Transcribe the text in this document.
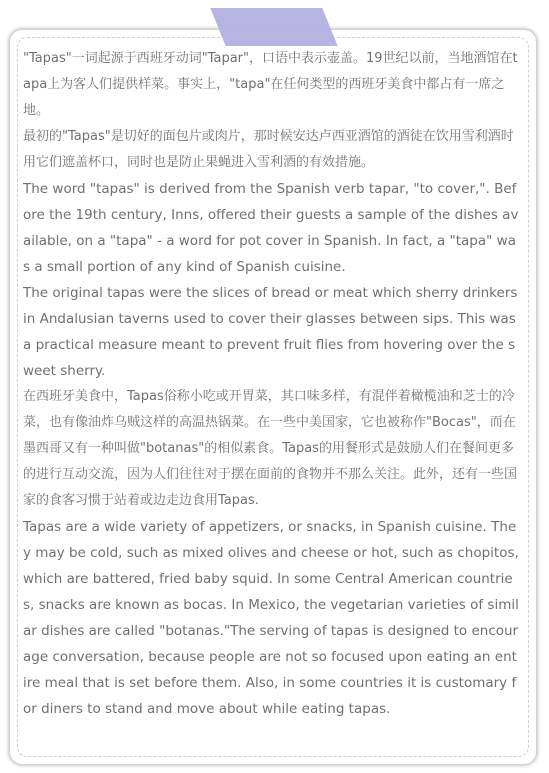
"Tapas"一词起源于西班牙动词"Tapar"，口语中表示壶盖。19世纪以前，当地酒馆在tapa上为客人们提供样菜。事实上，"tapa"在任何类型的西班牙美食中都占有一席之地。

最初的"Tapas"是切好的面包片或肉片，那时候安达卢西亚酒馆的酒徒在饮用雪利酒时用它们遮盖杯口，同时也是防止果蝇进入雪利酒的有效措施。

The word "tapas" is derived from the Spanish verb tapar, "to cover,". Before the 19th century, Inns, offered their guests a sample of the dishes available, on a "tapa" - a word for pot cover in Spanish. In fact, a "tapa" was a small portion of any kind of Spanish cuisine.

The original tapas were the slices of bread or meat which sherry drinkers in Andalusian taverns used to cover their glasses between sips. This was a practical measure meant to prevent fruit flies from hovering over the sweet sherry.

在西班牙美食中，Tapas俗称小吃或开胃菜，其口味多样，有混伴着橄榄油和芝士的冷菜，也有像油炸乌贼这样的高温热锅菜。在一些中美国家，它也被称作"Bocas"，而在墨西哥又有一种叫做"botanas"的相似素食。Tapas的用餐形式是鼓励人们在餐间更多的进行互动交流，因为人们往往对于摆在面前的食物并不那么关注。此外，还有一些国家的食客习惯于站着或边走边食用Tapas.

Tapas are a wide variety of appetizers, or snacks, in Spanish cuisine. They may be cold, such as mixed olives and cheese or hot, such as chopitos, which are battered, fried baby squid. In some Central American countries, snacks are known as bocas. In Mexico, the vegetarian varieties of similar dishes are called "botanas."The serving of tapas is designed to encourage conversation, because people are not so focused upon eating an entire meal that is set before them. Also, in some countries it is customary for diners to stand and move about while eating tapas.
